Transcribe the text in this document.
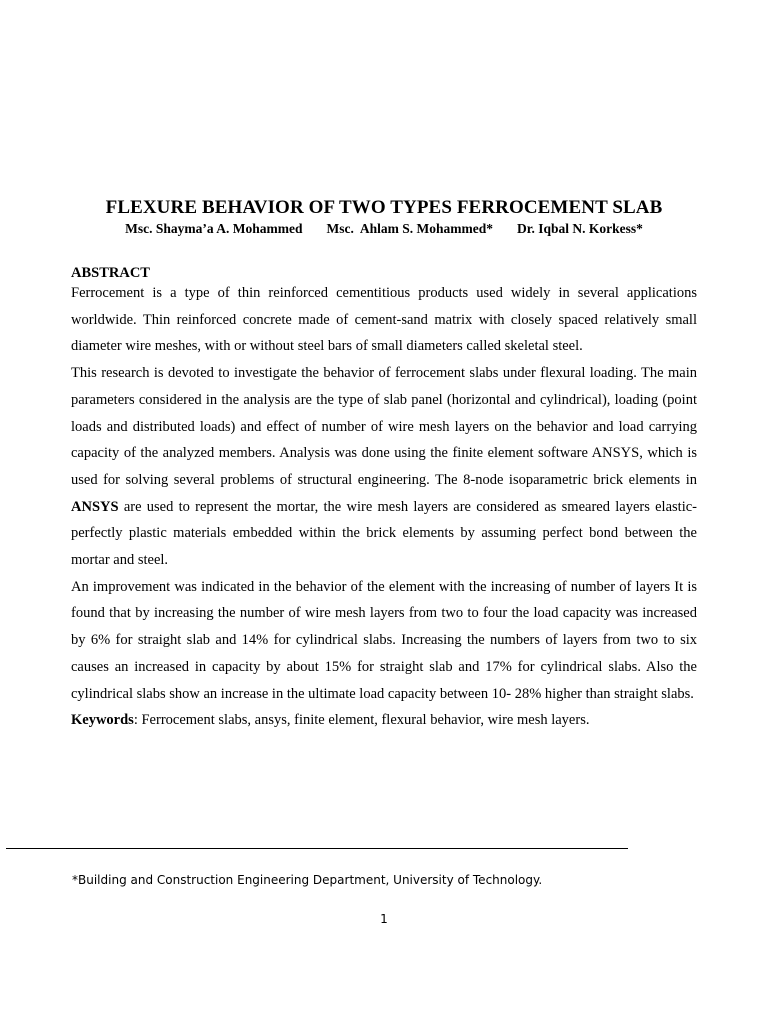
FLEXURE BEHAVIOR OF TWO TYPES FERROCEMENT SLAB
Msc. Shayma’a A. Mohammed Msc.  Ahlam S. Mohammed* Dr. Iqbal N. Korkess*
ABSTRACT

Ferrocement is a type of thin reinforced cementitious products used widely in several applications worldwide. Thin reinforced concrete made of cement-sand matrix with closely spaced relatively small diameter wire meshes, with or without steel bars of small diameters called skeletal steel.

This research is devoted to investigate the behavior of ferrocement slabs under flexural loading. The main parameters considered in the analysis are the type of slab panel (horizontal and cylindrical), loading (point loads and distributed loads) and effect of number of wire mesh layers on the behavior and load carrying capacity of the analyzed members. Analysis was done using the finite element software ANSYS, which is used for solving several problems of structural engineering. The 8-node isoparametric brick elements in ANSYS are used to represent the mortar, the wire mesh layers are considered as smeared layers elastic-perfectly plastic materials embedded within the brick elements by assuming perfect bond between the mortar and steel.

An improvement was indicated in the behavior of the element with the increasing of number of layers It is found that by increasing the number of wire mesh layers from two to four the load capacity was increased by 6% for straight slab and 14% for cylindrical slabs. Increasing the numbers of layers from two to six causes an increased in capacity by about 15% for straight slab and 17% for cylindrical slabs. Also the cylindrical slabs show an increase in the ultimate load capacity between 10- 28% higher than straight slabs.

Keywords: Ferrocement slabs, ansys, finite element, flexural behavior, wire mesh layers.

*Building and Construction Engineering Department, University of Technology.
1
